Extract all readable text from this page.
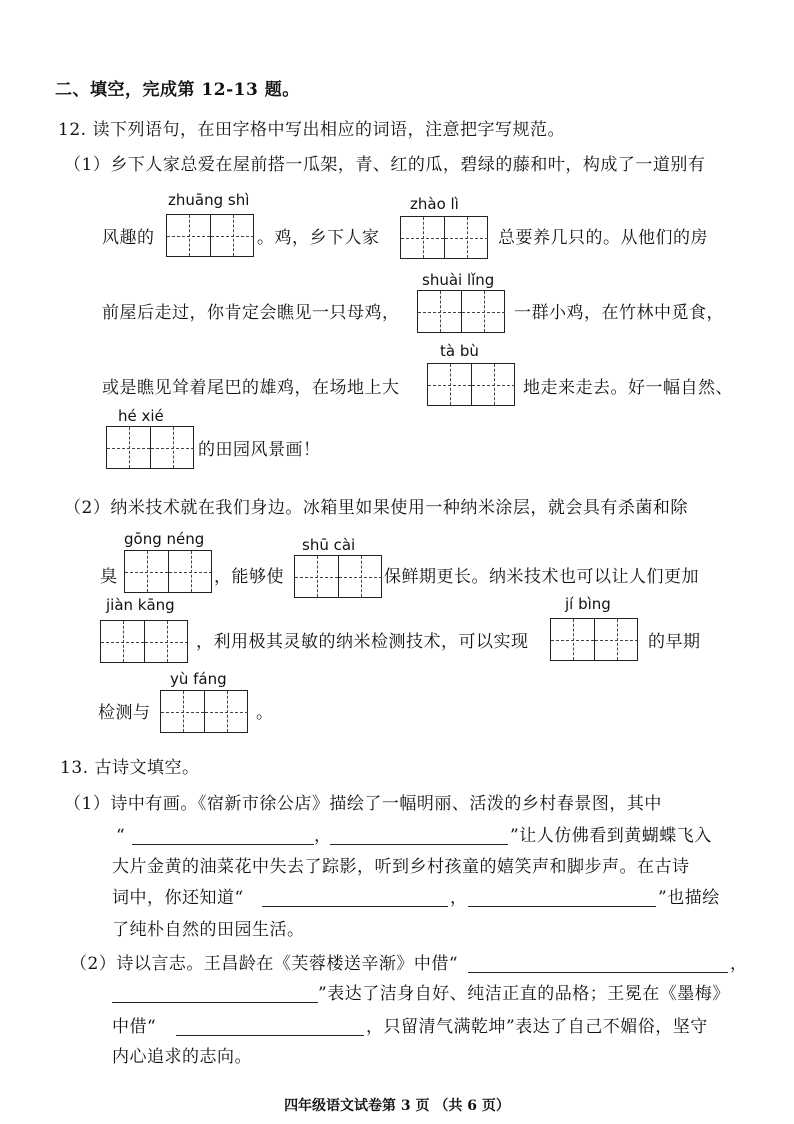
二、填空，完成第 12-13 题。
12. 读下列语句，在田字格中写出相应的词语，注意把字写规范。
（1）乡下人家总爱在屋前搭一瓜架，青、红的瓜，碧绿的藤和叶，构成了一道别有
zhuāng shì
风趣的	。鸡，乡下人家
zhào lì
总要养几只的。从他们的房
shuài lǐng
前屋后走过，你肯定会瞧见一只母鸡，	一群小鸡，在竹林中觅食，
tà bù
或是瞧见耸着尾巴的雄鸡，在场地上大	地走来走去。好一幅自然、
hé xié
的田园风景画！
（2）纳米技术就在我们身边。冰箱里如果使用一种纳米涂层，就会具有杀菌和除
gōng néng
臭	，能够使
shū cài
保鲜期更长。纳米技术也可以让人们更加
jiàn kāng
，利用极其灵敏的纳米检测技术，可以实现
jí bìng
的早期
yù fáng
检测与	。
13. 古诗文填空。
（1）诗中有画。《宿新市徐公店》描绘了一幅明丽、活泼的乡村春景图，其中
“	，	”让人仿佛看到黄蝴蝶飞入
大片金黄的油菜花中失去了踪影，听到乡村孩童的嬉笑声和脚步声。在古诗
词中，你还知道“	，	”也描绘
了纯朴自然的田园生活。
（2）诗以言志。王昌龄在《芙蓉楼送辛渐》中借“	，
”表达了洁身自好、纯洁正直的品格；王冕在《墨梅》
中借“	，只留清气满乾坤”表达了自己不媚俗，坚守
内心追求的志向。
四年级语文试卷第 3 页 （共 6 页）
